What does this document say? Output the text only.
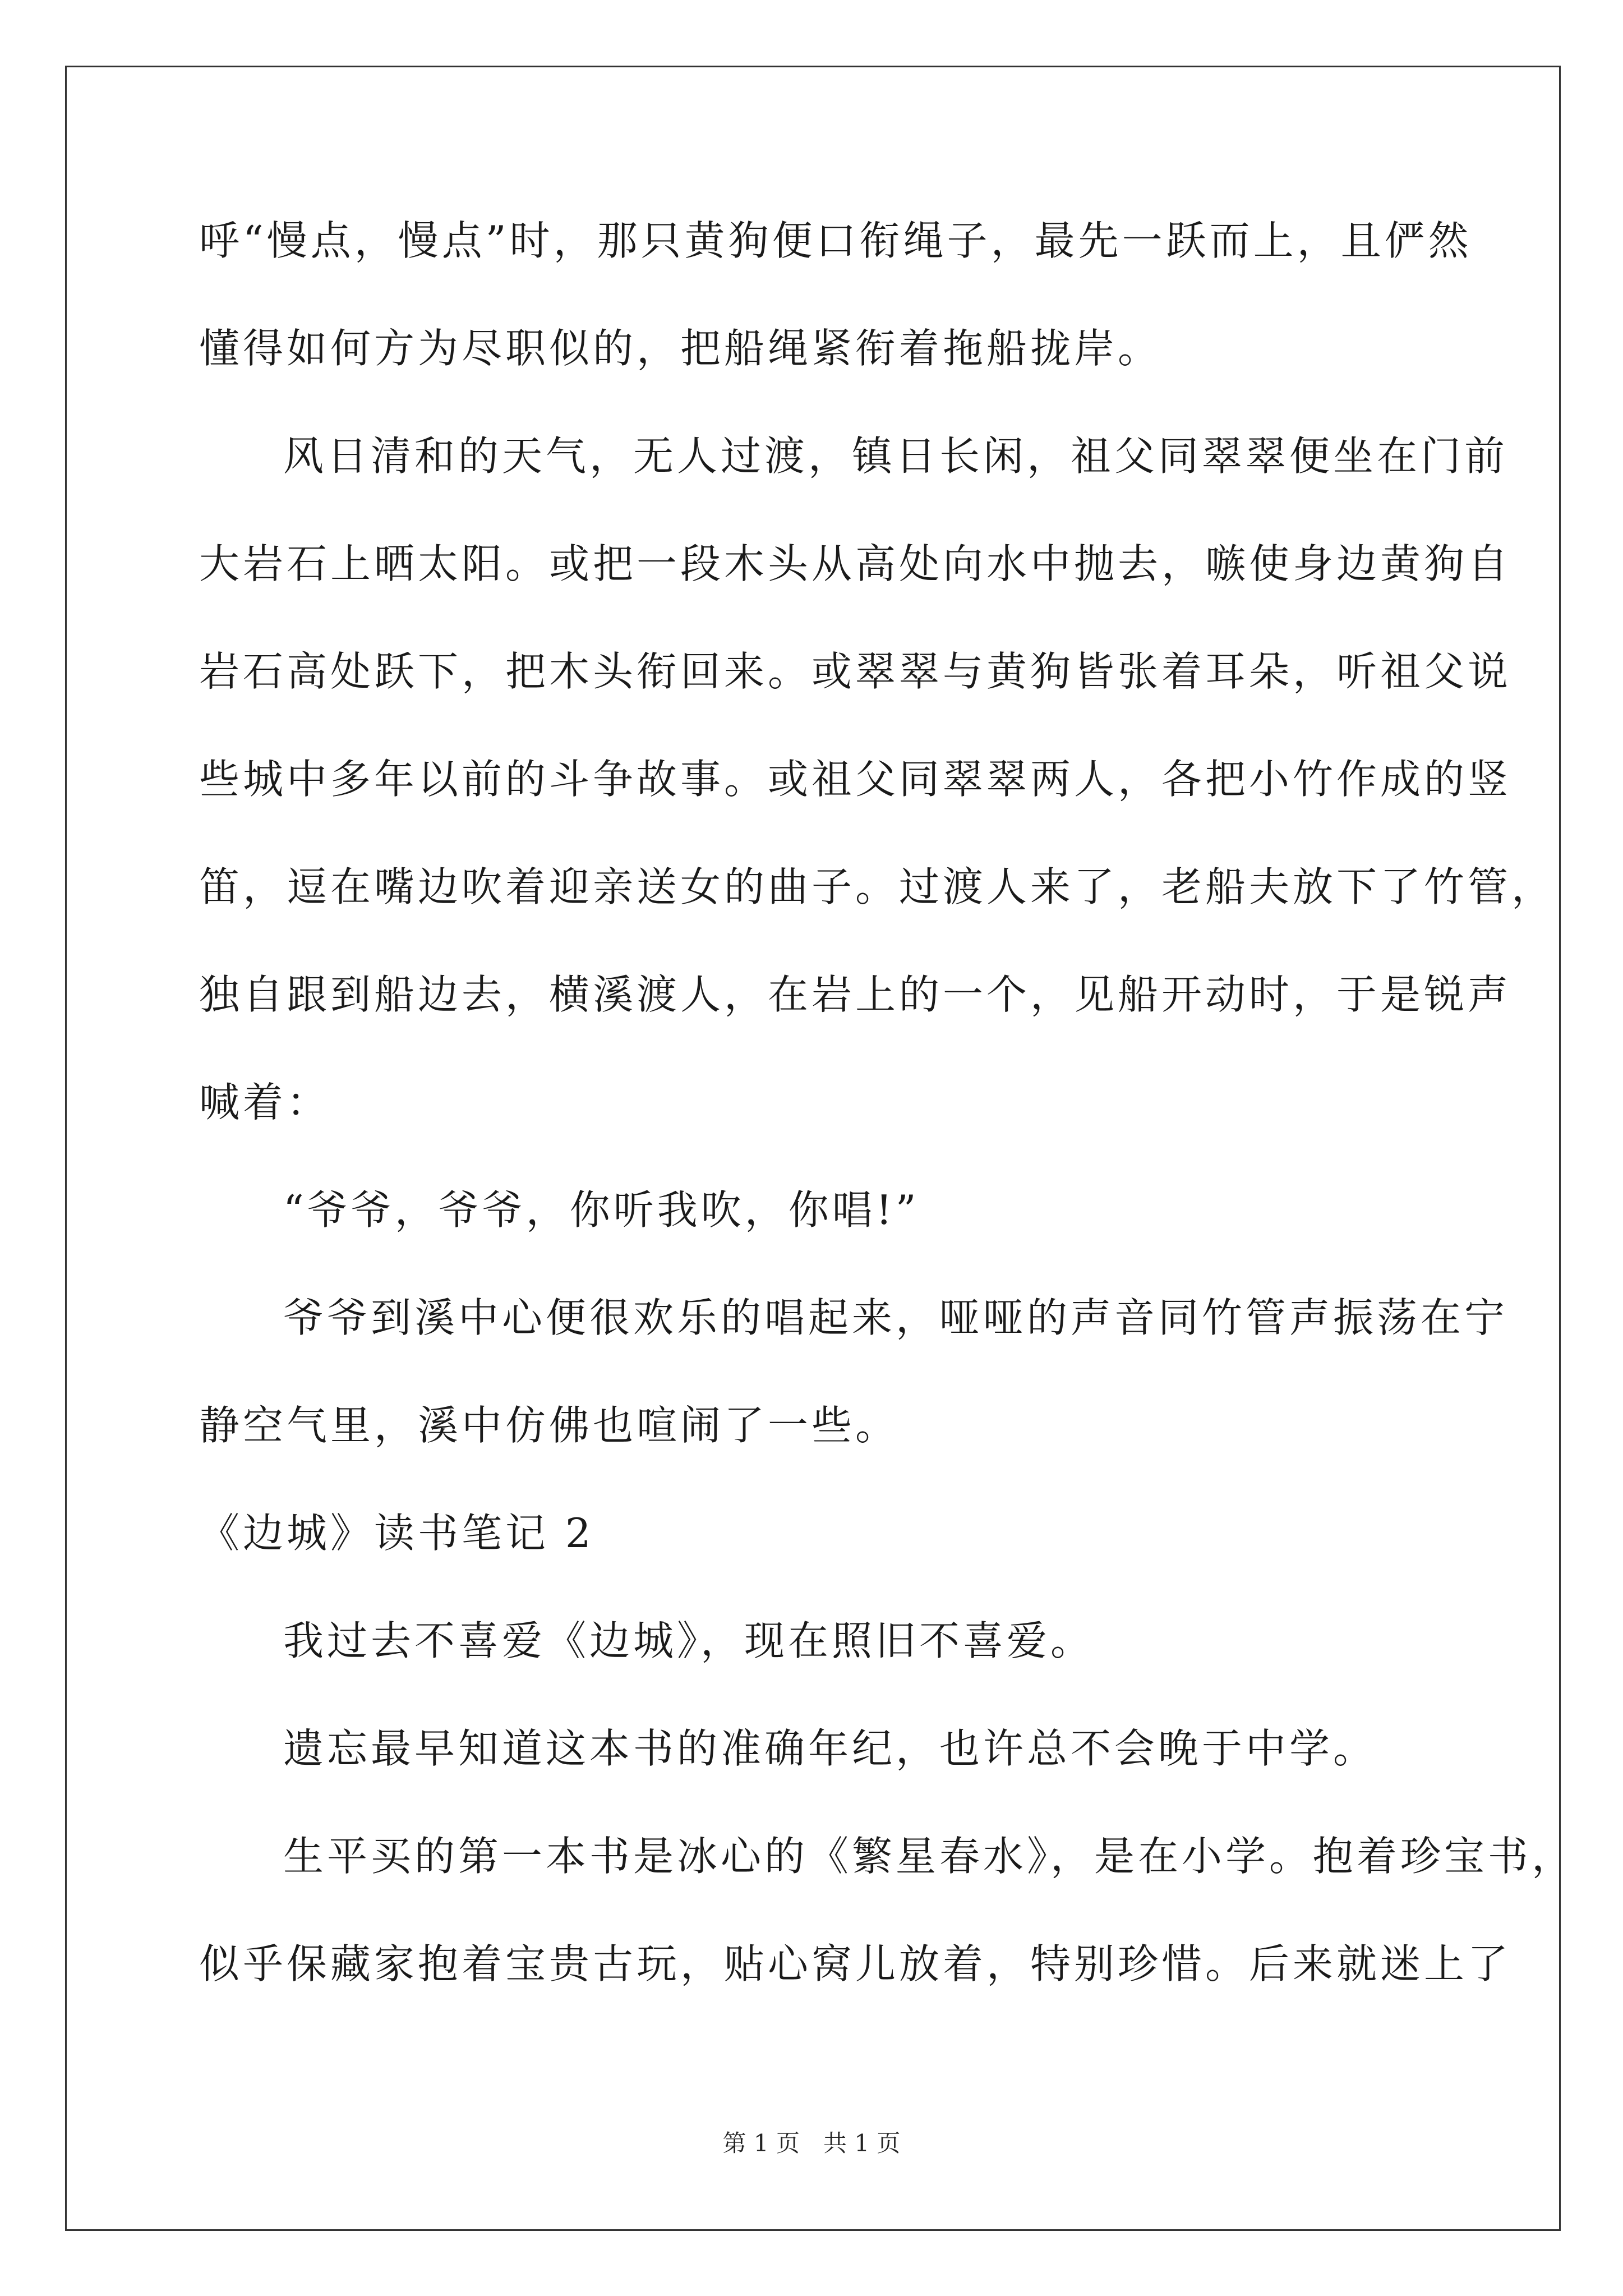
呼“慢点，慢点”时，那只黄狗便口衔绳子，最先一跃而上，且俨然

懂得如何方为尽职似的，把船绳紧衔着拖船拢岸。

风日清和的天气，无人过渡，镇日长闲，祖父同翠翠便坐在门前

大岩石上晒太阳。或把一段木头从高处向水中抛去，嗾使身边黄狗自

岩石高处跃下，把木头衔回来。或翠翠与黄狗皆张着耳朵，听祖父说

些城中多年以前的斗争故事。或祖父同翠翠两人，各把小竹作成的竖

笛，逗在嘴边吹着迎亲送女的曲子。过渡人来了，老船夫放下了竹管，

独自跟到船边去，横溪渡人，在岩上的一个，见船开动时，于是锐声

喊着：

“爷爷，爷爷，你听我吹，你唱!”

爷爷到溪中心便很欢乐的唱起来，哑哑的声音同竹管声振荡在宁

静空气里，溪中仿佛也喧闹了一些。

《边城》读书笔记 2

我过去不喜爱《边城》，现在照旧不喜爱。

遗忘最早知道这本书的准确年纪，也许总不会晚于中学。

生平买的第一本书是冰心的《繁星春水》，是在小学。抱着珍宝书，

似乎保藏家抱着宝贵古玩，贴心窝儿放着，特别珍惜。后来就迷上了

第 1 页　共 1 页
